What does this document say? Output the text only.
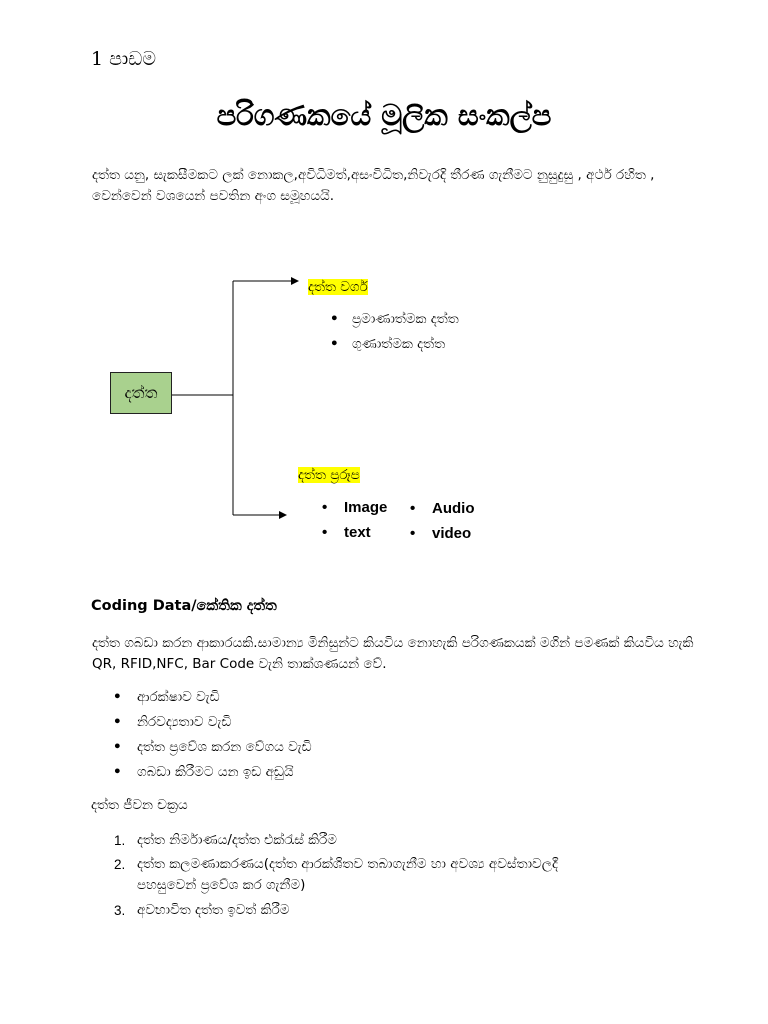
1 පාඩම
පරිගණකයේ මූලික සංකල්ප
දත්ත යනු, සැකසීමකට ලක් නොකල,අවිධිමත්,අසංවිධිත,නිවැරදි තීරණ ගැනීමට නුසුදුසු , අර්ථ රහිත , වෙන්වෙන් වශයෙන් පවතින අංග සමූහයයි.
දත්ත
දත්ත වර්ග
• ප්‍රමාණාත්මක දත්ත
• ගුණාත්මක දත්ත
දත්ත ප්‍රරූප
• Image
• text
• Audio
• video
Coding Data/කේතික දත්ත
දත්ත ගබඩා කරන ආකාරයකි.සාමාන්‍ය මිනිසුන්ට කියවිය නොහැකි පරිගණකයක් මගින් පමණක් කියවිය හැකි QR, RFID,NFC, Bar Code වැනි තාක්ශණයන් වේ.
• ආරක්ෂාව වැඩි
• නිරවද්‍යතාව වැඩි
• දත්ත ප්‍රවේශ කරන වේගය වැඩි
• ගබඩා කිරීමට යන ඉඩ අඩුයි
දත්ත ජීවන චක්‍රය
1. දත්ත නිර්මාණය/දත්ත එක්රැස් කිරීම
2. දත්ත කලමණාකරණය(දත්ත ආරක්ශිතව තබාගැනීම හා අවශ්‍ය අවස්තාවලදී
පහසුවෙන් ප්‍රවේශ කර ගැනීම)
3. අවභාවිත දත්ත ඉවත් කිරීම
